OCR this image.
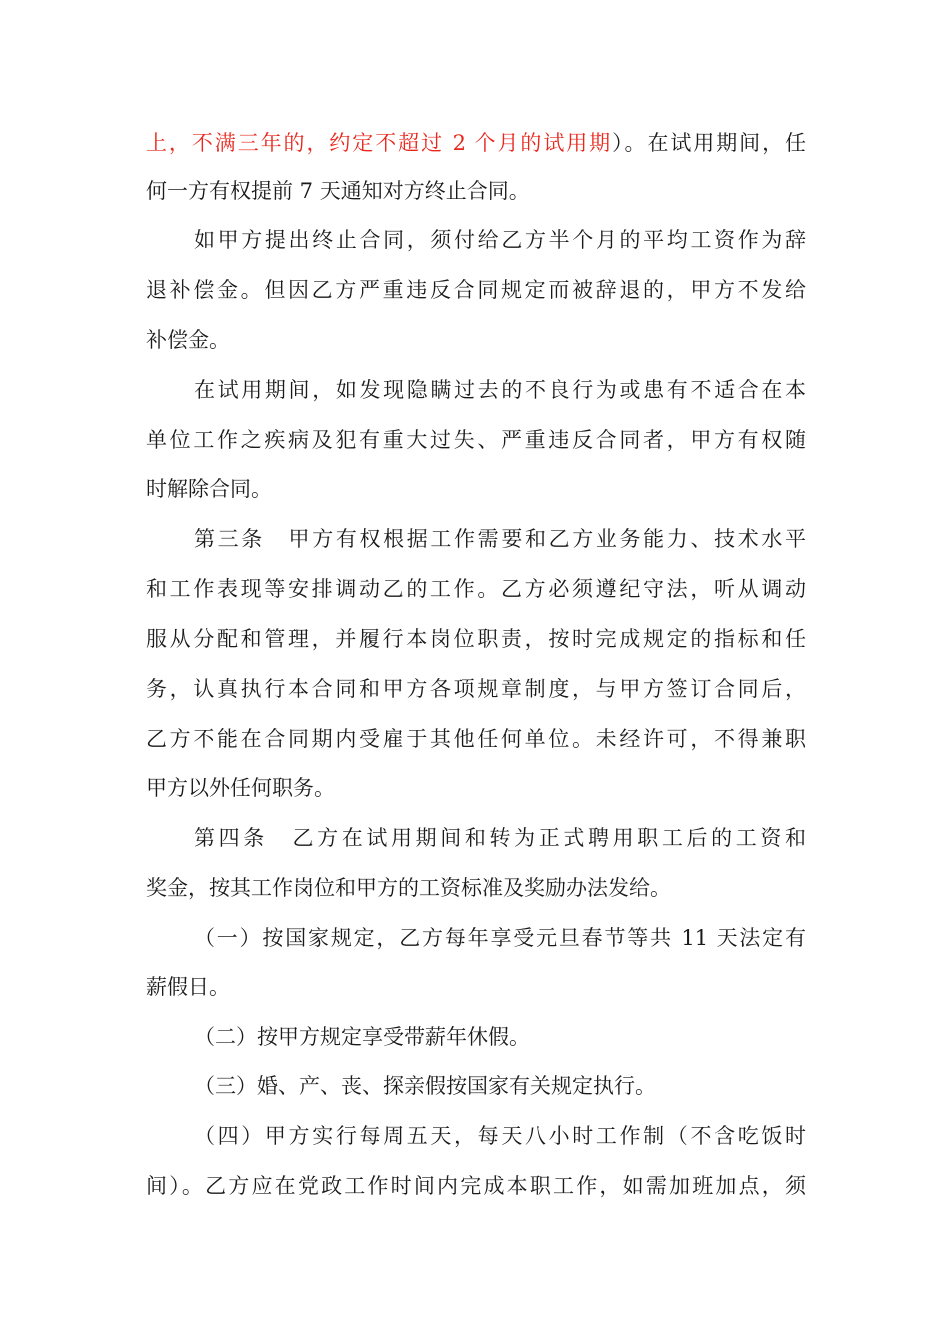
上，不满三年的，约定不超过 2 个月的试用期）。在试用期间，任
何一方有权提前 7 天通知对方终止合同。
如甲方提出终止合同，须付给乙方半个月的平均工资作为辞
退补偿金。但因乙方严重违反合同规定而被辞退的，甲方不发给
补偿金。
在试用期间，如发现隐瞒过去的不良行为或患有不适合在本
单位工作之疾病及犯有重大过失、严重违反合同者，甲方有权随
时解除合同。
第三条　甲方有权根据工作需要和乙方业务能力、技术水平
和工作表现等安排调动乙的工作。乙方必须遵纪守法，听从调动
服从分配和管理，并履行本岗位职责，按时完成规定的指标和任
务，认真执行本合同和甲方各项规章制度，与甲方签订合同后，
乙方不能在合同期内受雇于其他任何单位。未经许可，不得兼职
甲方以外任何职务。
第四条　乙方在试用期间和转为正式聘用职工后的工资和
奖金，按其工作岗位和甲方的工资标准及奖励办法发给。
（一）按国家规定，乙方每年享受元旦春节等共 11 天法定有
薪假日。
（二）按甲方规定享受带薪年休假。
（三）婚、产、丧、探亲假按国家有关规定执行。
（四）甲方实行每周五天，每天八小时工作制（不含吃饭时
间）。乙方应在党政工作时间内完成本职工作，如需加班加点，须
